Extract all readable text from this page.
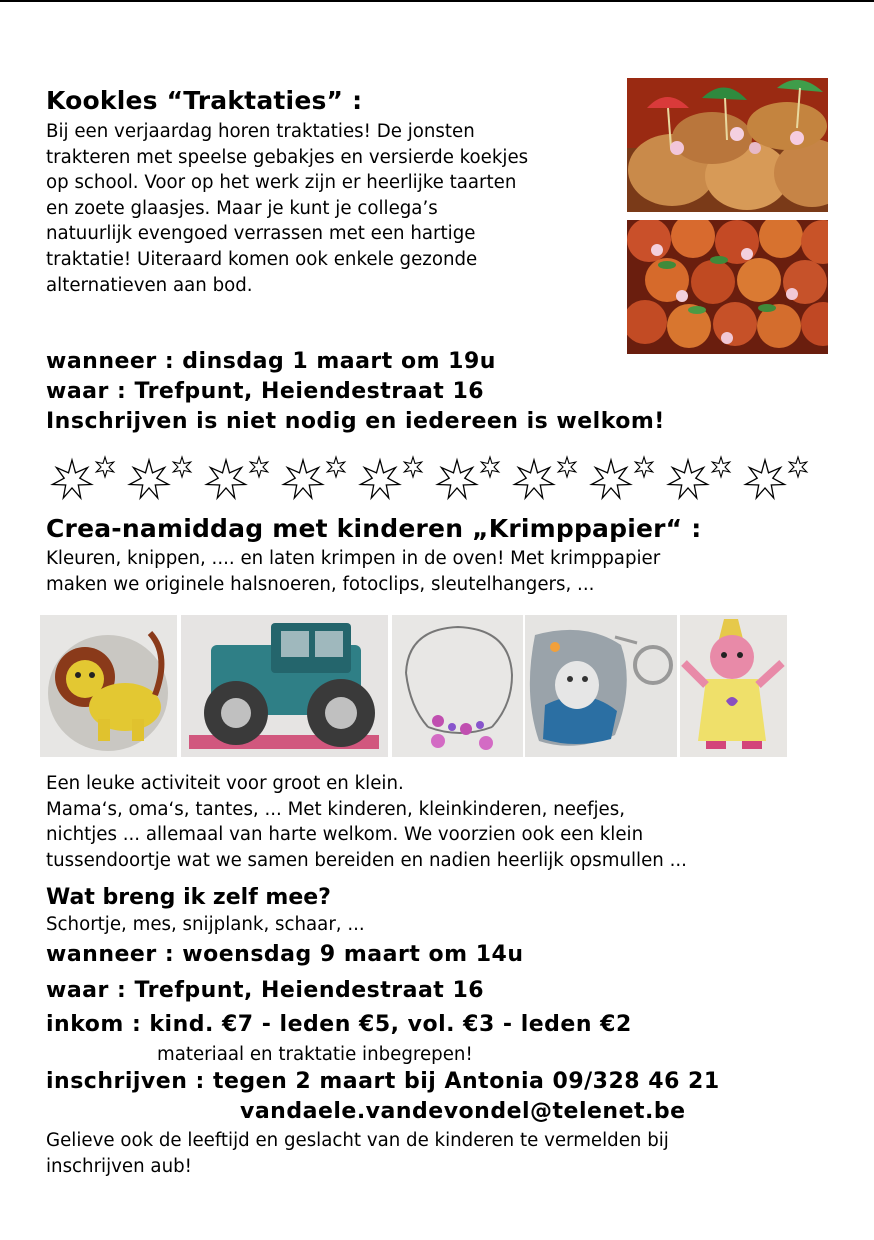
Kookles “Traktaties” :
Bij een verjaardag horen traktaties! De jonsten
trakteren met speelse gebakjes en versierde koekjes
op school. Voor op het werk zijn er heerlijke taarten
en zoete glaasjes. Maar je kunt je collega’s
natuurlijk evengoed verrassen met een hartige
traktatie! Uiteraard komen ook enkele gezonde
alternatieven aan bod.
wanneer : dinsdag 1 maart om 19u
waar : Trefpunt, Heiendestraat 16
Inschrijven is niet nodig en iedereen is welkom!
Crea-namiddag met kinderen „Krimppapier“ :
Kleuren, knippen, .... en laten krimpen in de oven! Met krimppapier
maken we originele halsnoeren, fotoclips, sleutelhangers, ...
Een leuke activiteit voor groot en klein.
Mama‘s, oma‘s, tantes, ... Met kinderen, kleinkinderen, neefjes,
nichtjes ... allemaal van harte welkom. We voorzien ook een klein
tussendoortje wat we samen bereiden en nadien heerlijk opsmullen ...
Wat breng ik zelf mee?
Schortje, mes, snijplank, schaar, ...
wanneer : woensdag 9 maart om 14u
waar : Trefpunt, Heiendestraat 16
inkom : kind. €7 - leden €5, vol. €3 - leden €2
materiaal en traktatie inbegrepen!
inschrijven : tegen 2 maart bij Antonia 09/328 46 21
vandaele.vandevondel@telenet.be
Gelieve ook de leeftijd en geslacht van de kinderen te vermelden bij
inschrijven aub!
